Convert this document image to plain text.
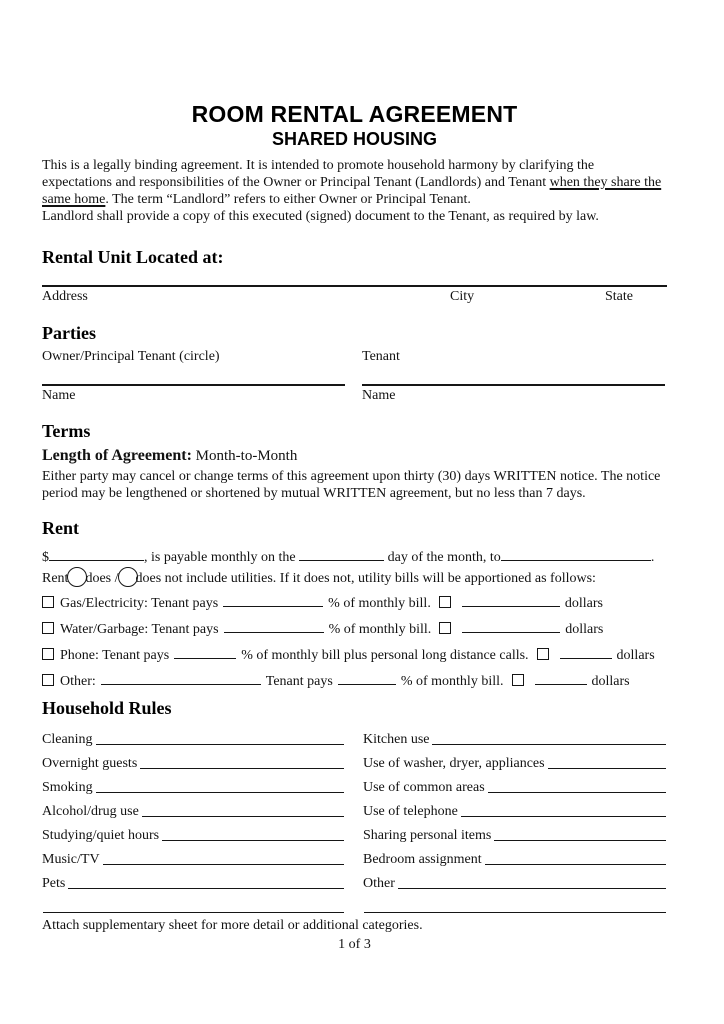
ROOM RENTAL AGREEMENT
SHARED HOUSING
This is a legally binding agreement. It is intended to promote household harmony by clarifying the expectations and responsibilities of the Owner or Principal Tenant (Landlords) and Tenant when they share the same home. The term “Landlord” refers to either Owner or Principal Tenant.
Landlord shall provide a copy of this executed (signed) document to the Tenant, as required by law.
Rental Unit Located at:
Address	City	State
Parties
Owner/Principal Tenant (circle)	Tenant
Name	Name
Terms
Length of Agreement: Month-to-Month
Either party may cancel or change terms of this agreement upon thirty (30) days WRITTEN notice. The notice period may be lengthened or shortened by mutual WRITTEN agreement, but no less than 7 days.
Rent
$	, is payable monthly on the	day of the month, to	.
Rent does / does not include utilities. If it does not, utility bills will be apportioned as follows:
Gas/Electricity: Tenant pays	% of monthly bill.	dollars
Water/Garbage: Tenant pays	% of monthly bill.	dollars
Phone: Tenant pays	% of monthly bill plus personal long distance calls.	dollars
Other:	Tenant pays	% of monthly bill.	dollars
Household Rules
Cleaning	Kitchen use
Overnight guests	Use of washer, dryer, appliances
Smoking	Use of common areas
Alcohol/drug use	Use of telephone
Studying/quiet hours	Sharing personal items
Music/TV	Bedroom assignment
Pets	Other
Attach supplementary sheet for more detail or additional categories.
1 of 3
